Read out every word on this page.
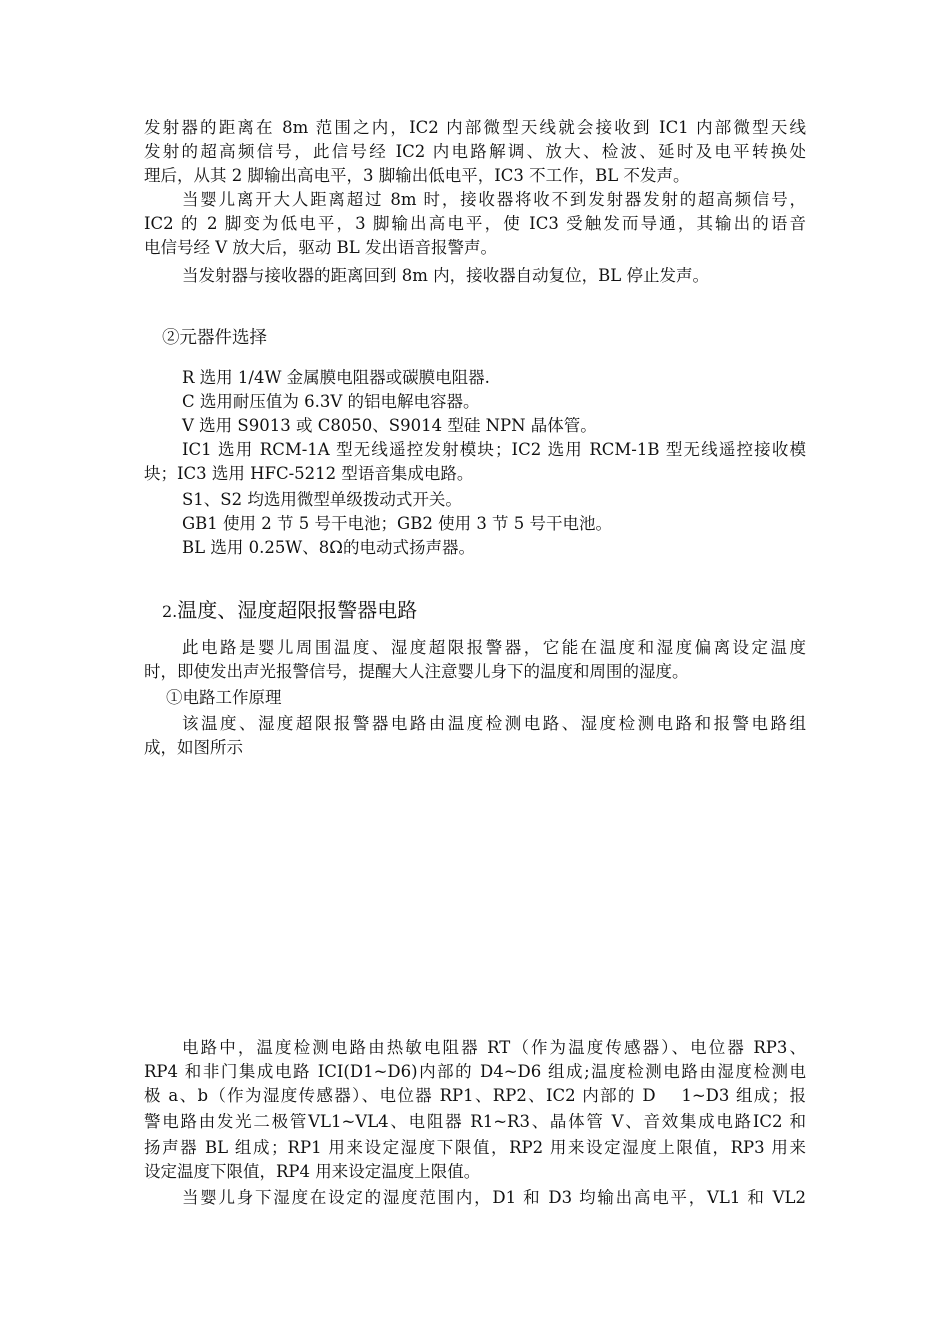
发射器的距离在 8m 范围之内，IC2 内部微型天线就会接收到 IC1 内部微型天线
发射的超高频信号，此信号经 IC2 内电路解调、放大、检波、延时及电平转换处
理后，从其 2 脚输出高电平，3 脚输出低电平，IC3 不工作，BL 不发声。
当婴儿离开大人距离超过 8m 时，接收器将收不到发射器发射的超高频信号，
IC2 的 2 脚变为低电平，3 脚输出高电平，使 IC3 受触发而导通，其输出的语音
电信号经 V 放大后，驱动 BL 发出语音报警声。
当发射器与接收器的距离回到 8m 内，接收器自动复位，BL 停止发声。
②元器件选择
R 选用 1/4W 金属膜电阻器或碳膜电阻器.
C 选用耐压值为 6.3V 的铝电解电容器。
V 选用 S9013 或 C8050、S9014 型硅 NPN 晶体管。
IC1 选用 RCM-1A 型无线遥控发射模块；IC2 选用 RCM-1B 型无线遥控接收模
块；IC3 选用 HFC-5212 型语音集成电路。
S1、S2 均选用微型单级拨动式开关。
GB1 使用 2 节 5 号干电池；GB2 使用 3 节 5 号干电池。
BL 选用 0.25W、8Ω的电动式扬声器。
2.温度、湿度超限报警器电路
此电路是婴儿周围温度、湿度超限报警器，它能在温度和湿度偏离设定温度
时，即使发出声光报警信号，提醒大人注意婴儿身下的温度和周围的湿度。
①电路工作原理
该温度、湿度超限报警器电路由温度检测电路、湿度检测电路和报警电路组
成，如图所示
电路中，温度检测电路由热敏电阻器 RT（作为温度传感器）、电位器 RP3、
RP4 和非门集成电路 ICI(D1~D6)内部的 D4~D6 组成;温度检测电路由湿度检测电
极 a、b（作为湿度传感器）、电位器 RP1、RP2、IC2 内部的 D　 1~D3 组成；报
警电路由发光二极管VL1~VL4、电阻器 R1~R3、晶体管 V、音效集成电路IC2 和
扬声器 BL 组成；RP1 用来设定湿度下限值，RP2 用来设定湿度上限值，RP3 用来
设定温度下限值，RP4 用来设定温度上限值。
当婴儿身下湿度在设定的湿度范围内，D1 和 D3 均输出高电平，VL1 和 VL2
